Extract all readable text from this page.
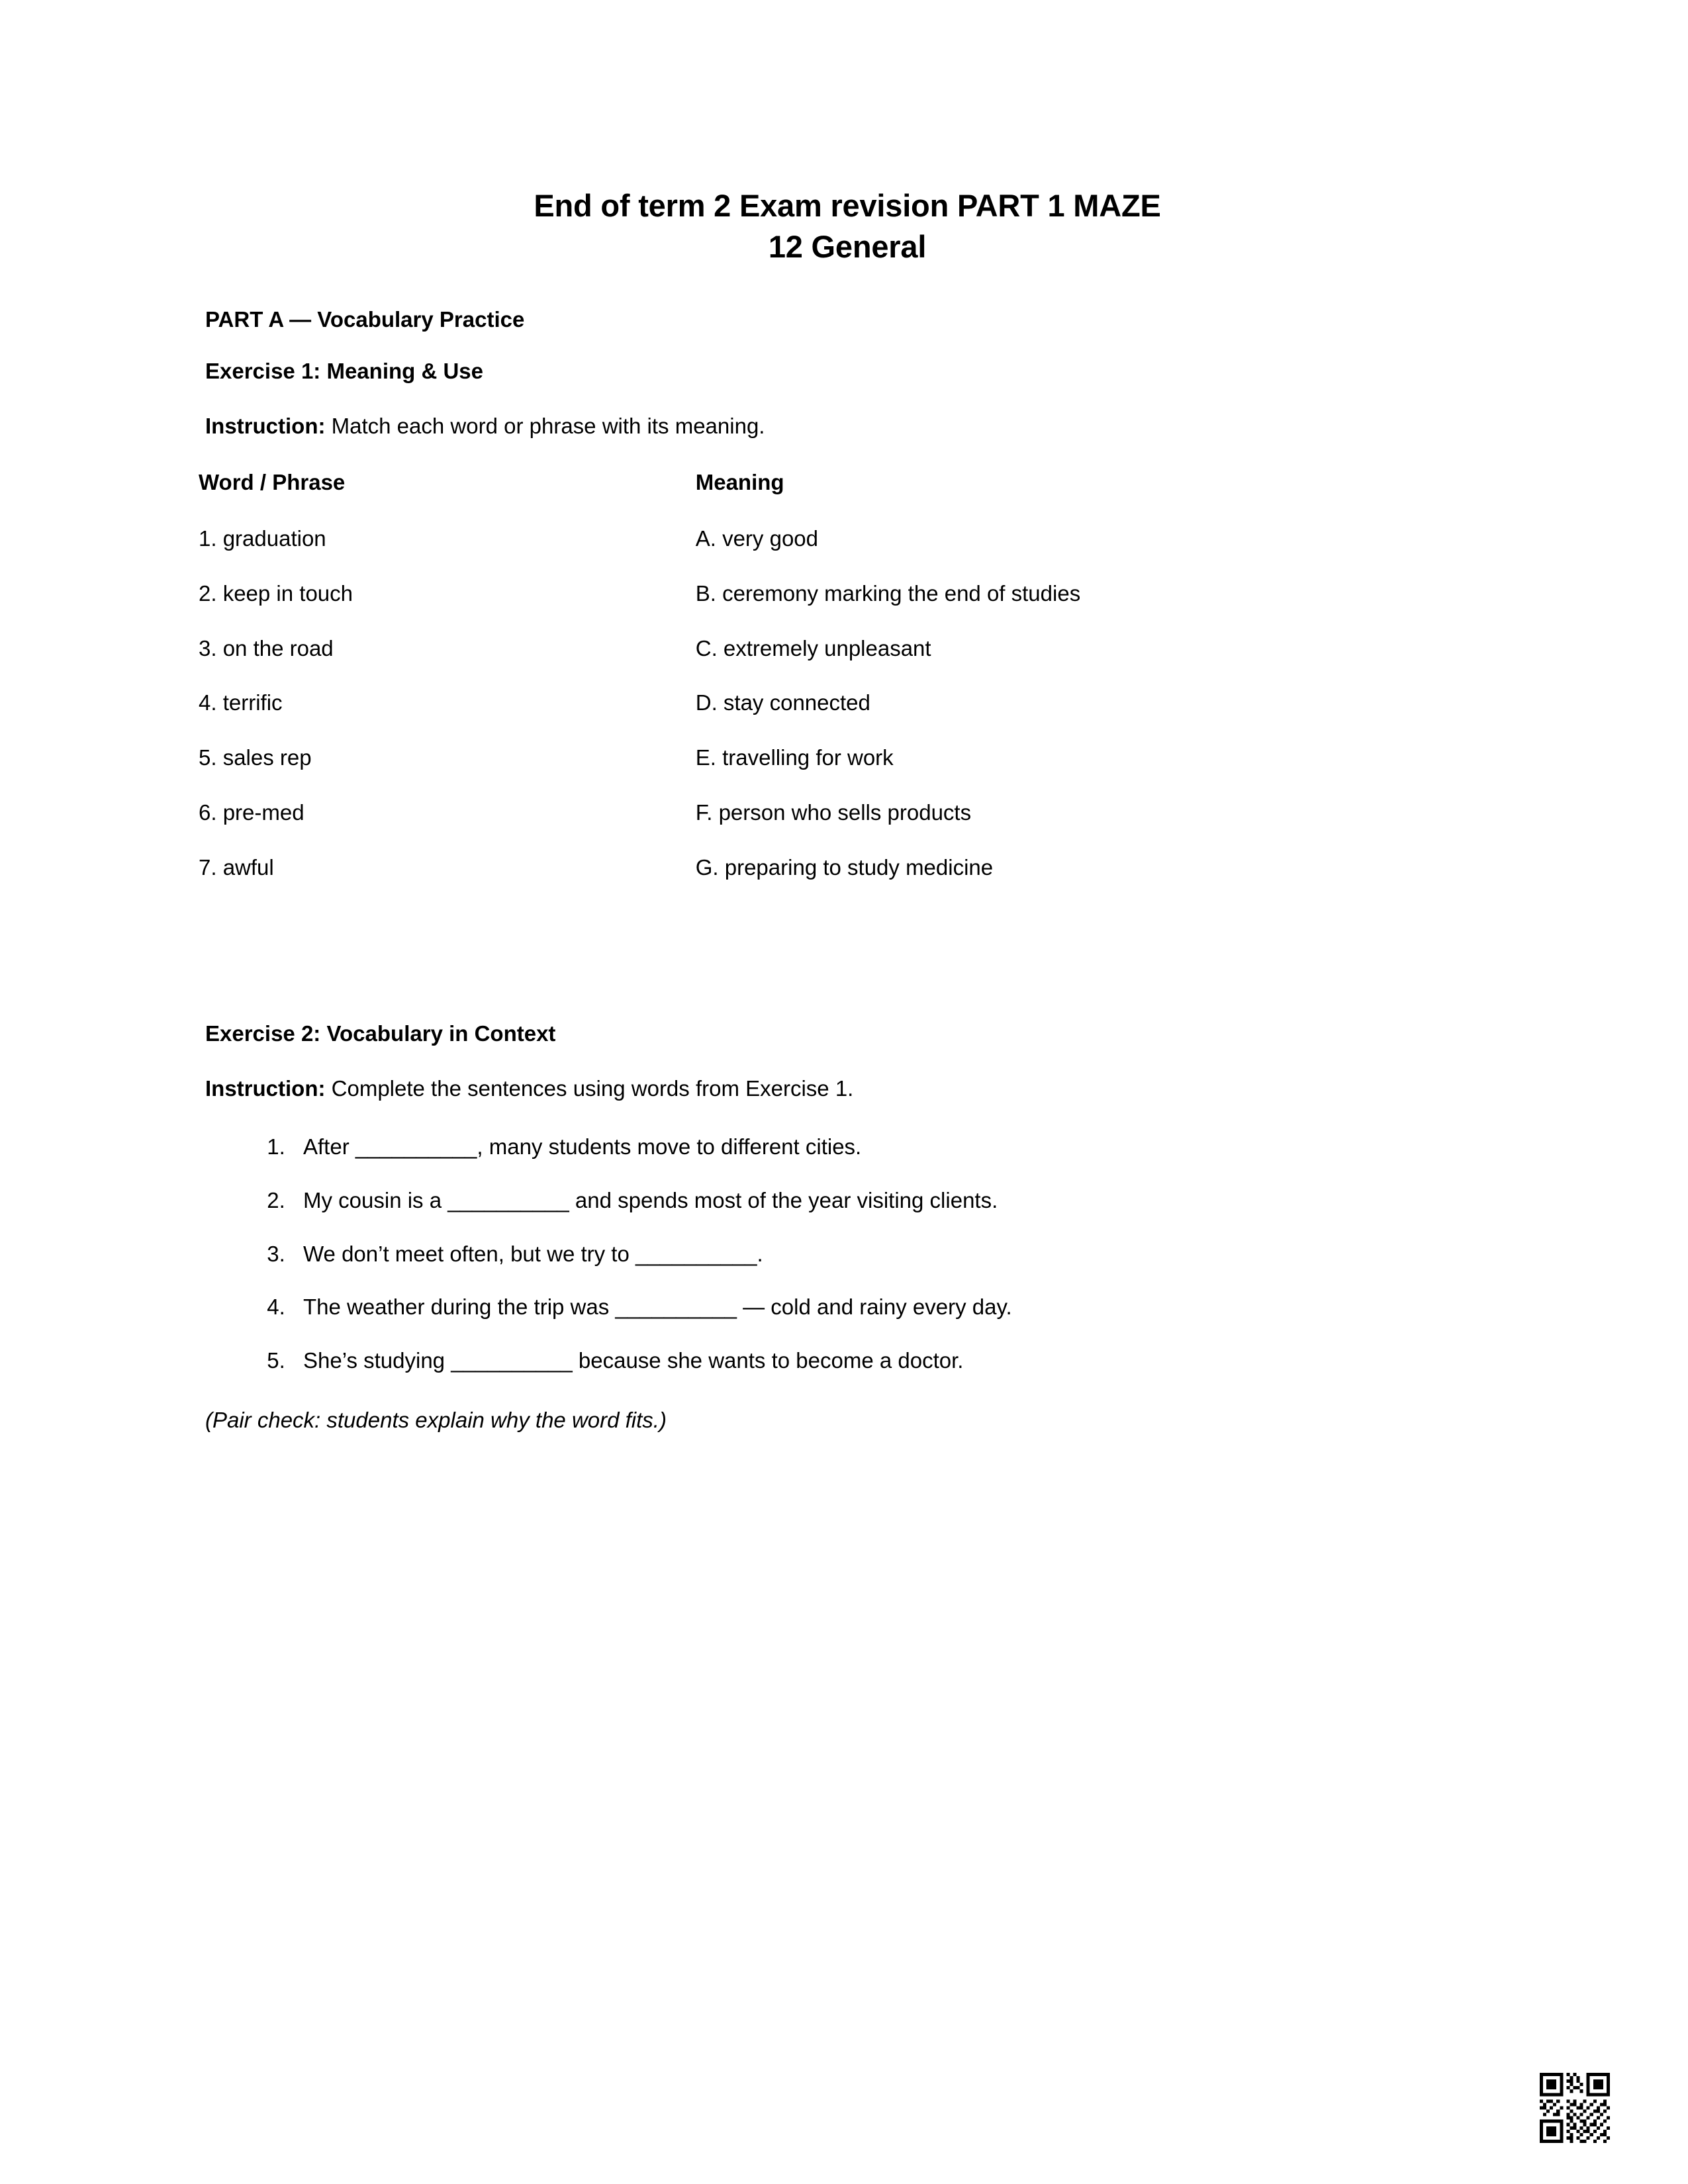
End of term 2 Exam revision PART 1 MAZE
12 General

PART A — Vocabulary Practice

Exercise 1: Meaning & Use

Instruction: Match each word or phrase with its meaning.

Word / Phrase	Meaning
1. graduation	A. very good
2. keep in touch	B. ceremony marking the end of studies
3. on the road	C. extremely unpleasant
4. terrific	D. stay connected
5. sales rep	E. travelling for work
6. pre-med	F. person who sells products
7. awful	G. preparing to study medicine

Exercise 2: Vocabulary in Context

Instruction: Complete the sentences using words from Exercise 1.

1. After __________, many students move to different cities.
2. My cousin is a __________ and spends most of the year visiting clients.
3. We don’t meet often, but we try to __________.
4. The weather during the trip was __________ — cold and rainy every day.
5. She’s studying __________ because she wants to become a doctor.

(Pair check: students explain why the word fits.)
